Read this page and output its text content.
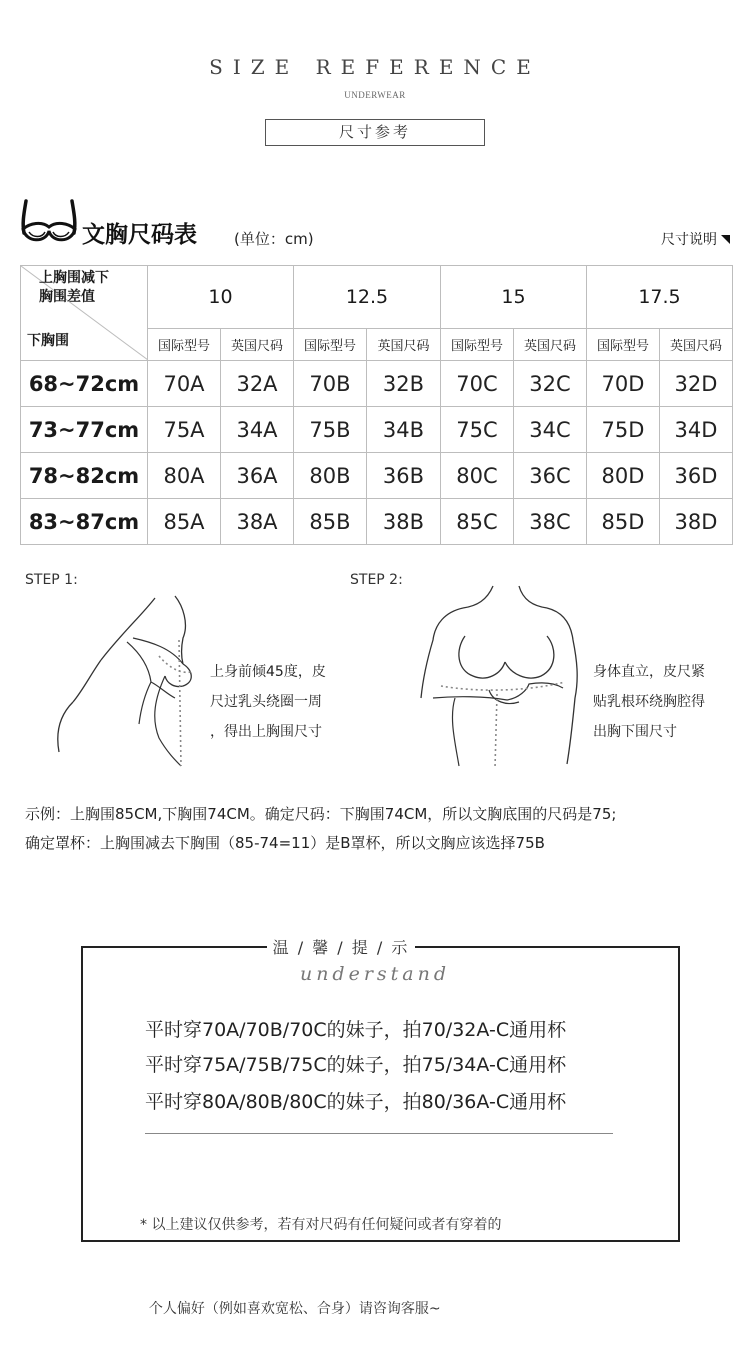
SIZE REFERENCE
UNDERWEAR
尺寸参考
文胸尺码表 (单位：cm)	尺寸说明
上胸围减下
胸围差值
下胸围	10		12.5		15		17.5	
	国际型号	英国尺码	国际型号	英国尺码	国际型号	英国尺码	国际型号	英国尺码
68~72cm	70A	32A	70B	32B	70C	32C	70D	32D
73~77cm	75A	34A	75B	34B	75C	34C	75D	34D
78~82cm	80A	36A	80B	36B	80C	36C	80D	36D
83~87cm	85A	38A	85B	38B	85C	38C	85D	38D
STEP 1:
上身前倾45度，皮
尺过乳头绕圈一周
，得出上胸围尺寸
STEP 2:
身体直立，皮尺紧
贴乳根环绕胸腔得
出胸下围尺寸
示例：上胸围85CM,下胸围74CM。确定尺码：下胸围74CM，所以文胸底围的尺码是75;
确定罩杯：上胸围减去下胸围（85-74=11）是B罩杯，所以文胸应该选择75B
温 / 馨 / 提 / 示
understand
平时穿70A/70B/70C的妹子，拍70/32A-C通用杯
平时穿75A/75B/75C的妹子，拍75/34A-C通用杯
平时穿80A/80B/80C的妹子，拍80/36A-C通用杯

* 以上建议仅供参考，若有对尺码有任何疑问或者有穿着的

个人偏好（例如喜欢宽松、合身）请咨询客服~
